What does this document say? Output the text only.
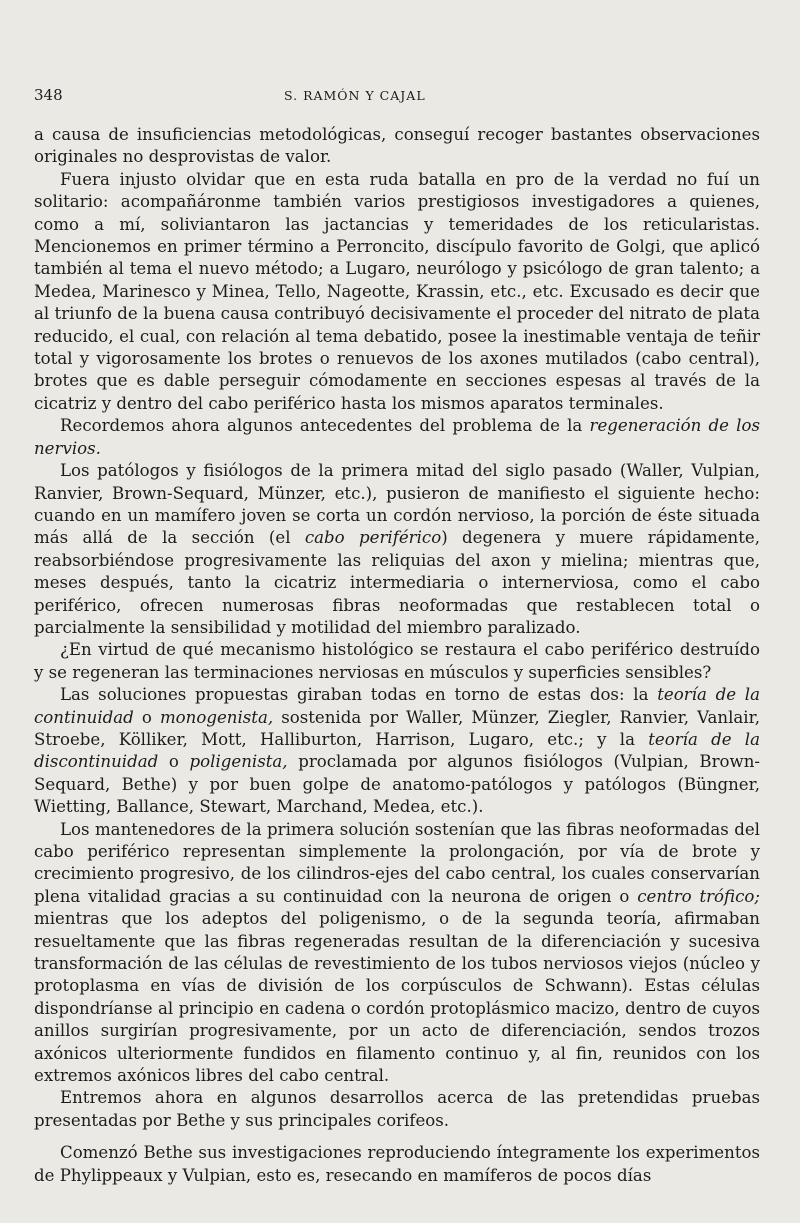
348	S. RAMÓN Y CAJAL

a causa de insuficiencias metodológicas, conseguí recoger bastantes observaciones originales no desprovistas de valor.

Fuera injusto olvidar que en esta ruda batalla en pro de la verdad no fuí un solitario: acompañáronme también varios prestigiosos investigadores a quienes, como a mí, soliviantaron las jactancias y temeridades de los reticularistas. Mencionemos en primer término a Perroncito, discípulo favorito de Golgi, que aplicó también al tema el nuevo método; a Lugaro, neurólogo y psicólogo de gran talento; a Medea, Marinesco y Minea, Tello, Nageotte, Krassin, etc., etc. Excusado es decir que al triunfo de la buena causa contribuyó decisivamente el proceder del nitrato de plata reducido, el cual, con relación al tema debatido, posee la inestimable ventaja de teñir total y vigorosamente los brotes o renuevos de los axones mutilados (cabo central), brotes que es dable perseguir cómodamente en secciones espesas al través de la cicatriz y dentro del cabo periférico hasta los mismos aparatos terminales.

Recordemos ahora algunos antecedentes del problema de la regeneración de los nervios.

Los patólogos y fisiólogos de la primera mitad del siglo pasado (Waller, Vulpian, Ranvier, Brown-Sequard, Münzer, etc.), pusieron de manifiesto el siguiente hecho: cuando en un mamífero joven se corta un cordón nervioso, la porción de éste situada más allá de la sección (el cabo periférico) degenera y muere rápidamente, reabsorbiéndose progresivamente las reliquias del axon y mielina; mientras que, meses después, tanto la cicatriz intermediaria o internerviosa, como el cabo periférico, ofrecen numerosas fibras neoformadas que restablecen total o parcialmente la sensibilidad y motilidad del miembro paralizado.

¿En virtud de qué mecanismo histológico se restaura el cabo periférico destruído y se regeneran las terminaciones nerviosas en músculos y superficies sensibles?

Las soluciones propuestas giraban todas en torno de estas dos: la teoría de la continuidad o monogenista, sostenida por Waller, Münzer, Ziegler, Ranvier, Vanlair, Stroebe, Kölliker, Mott, Halliburton, Harrison, Lugaro, etc.; y la teoría de la discontinuidad o poligenista, proclamada por algunos fisiólogos (Vulpian, Brown-Sequard, Bethe) y por buen golpe de anatomo-patólogos y patólogos (Büngner, Wietting, Ballance, Stewart, Marchand, Medea, etc.).

Los mantenedores de la primera solución sostenían que las fibras neoformadas del cabo periférico representan simplemente la prolongación, por vía de brote y crecimiento progresivo, de los cilindros-ejes del cabo central, los cuales conservarían plena vitalidad gracias a su continuidad con la neurona de origen o centro trófico; mientras que los adeptos del poligenismo, o de la segunda teoría, afirmaban resueltamente que las fibras regeneradas resultan de la diferenciación y sucesiva transformación de las células de revestimiento de los tubos nerviosos viejos (núcleo y protoplasma en vías de división de los corpúsculos de Schwann). Estas células dispondríanse al principio en cadena o cordón protoplásmico macizo, dentro de cuyos anillos surgirían progresivamente, por un acto de diferenciación, sendos trozos axónicos ulteriormente fundidos en filamento continuo y, al fin, reunidos con los extremos axónicos libres del cabo central.

Entremos ahora en algunos desarrollos acerca de las pretendidas pruebas presentadas por Bethe y sus principales corifeos.

Comenzó Bethe sus investigaciones reproduciendo íntegramente los experimentos de Phylippeaux y Vulpian, esto es, resecando en mamíferos de pocos días
